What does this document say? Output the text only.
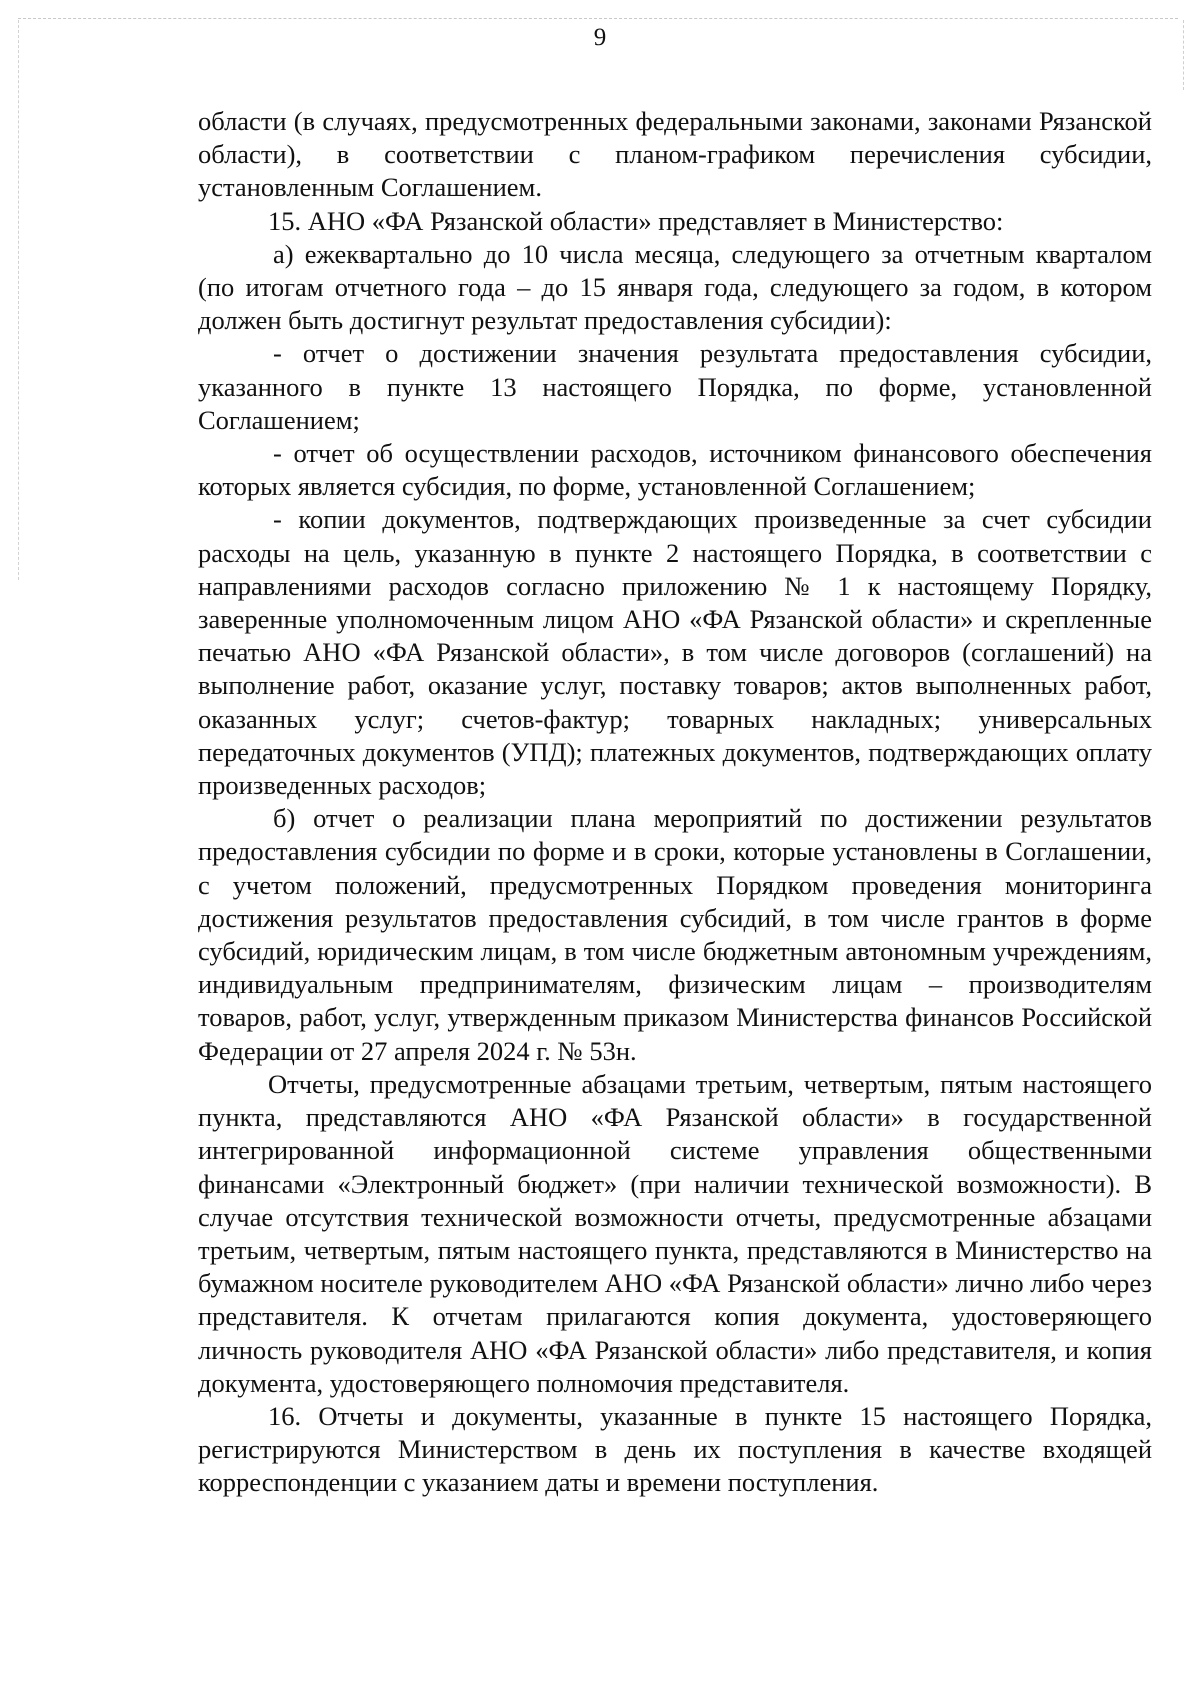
9

области (в случаях, предусмотренных федеральными законами, законами Рязанской области), в соответствии с планом-графиком перечисления субсидии, установленным Соглашением.

15. АНО «ФА Рязанской области» представляет в Министерство:

а) ежеквартально до 10 числа месяца, следующего за отчетным кварталом (по итогам отчетного года – до 15 января года, следующего за годом, в котором должен быть достигнут результат предоставления субсидии):

- отчет о достижении значения результата предоставления субсидии, указанного в пункте 13 настоящего Порядка, по форме, установленной Соглашением;

- отчет об осуществлении расходов, источником финансового обеспечения которых является субсидия, по форме, установленной Соглашением;

- копии документов, подтверждающих произведенные за счет субсидии расходы на цель, указанную в пункте 2 настоящего Порядка, в соответствии с направлениями расходов согласно приложению № 1 к настоящему Порядку, заверенные уполномоченным лицом АНО «ФА Рязанской области» и скрепленные печатью АНО «ФА Рязанской области», в том числе договоров (соглашений) на выполнение работ, оказание услуг, поставку товаров; актов выполненных работ, оказанных услуг; счетов-фактур; товарных накладных; универсальных передаточных документов (УПД); платежных документов, подтверждающих оплату произведенных расходов;

б) отчет о реализации плана мероприятий по достижении результатов предоставления субсидии по форме и в сроки, которые установлены в Соглашении, с учетом положений, предусмотренных Порядком проведения мониторинга достижения результатов предоставления субсидий, в том числе грантов в форме субсидий, юридическим лицам, в том числе бюджетным автономным учреждениям, индивидуальным предпринимателям, физическим лицам – производителям товаров, работ, услуг, утвержденным приказом Министерства финансов Российской Федерации от 27 апреля 2024 г. № 53н.

Отчеты, предусмотренные абзацами третьим, четвертым, пятым настоящего пункта, представляются АНО «ФА Рязанской области» в государственной интегрированной информационной системе управления общественными финансами «Электронный бюджет» (при наличии технической возможности). В случае отсутствия технической возможности отчеты, предусмотренные абзацами третьим, четвертым, пятым настоящего пункта, представляются в Министерство на бумажном носителе руководителем АНО «ФА Рязанской области» лично либо через представителя. К отчетам прилагаются копия документа, удостоверяющего личность руководителя АНО «ФА Рязанской области» либо представителя, и копия документа, удостоверяющего полномочия представителя.

16. Отчеты и документы, указанные в пункте 15 настоящего Порядка, регистрируются Министерством в день их поступления в качестве входящей корреспонденции с указанием даты и времени поступления.
